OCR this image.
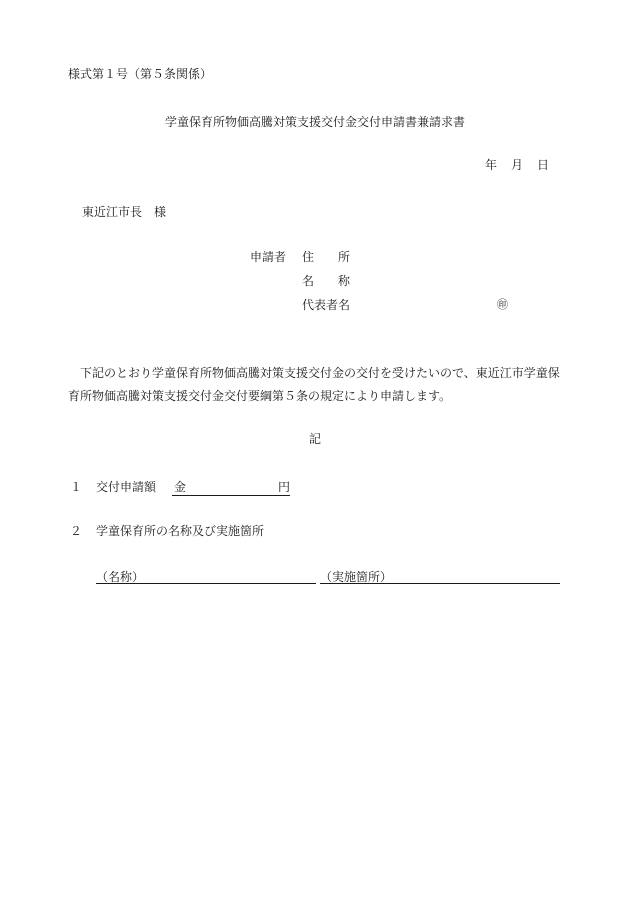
様式第１号（第５条関係）
学童保育所物価高騰対策支援交付金交付申請書兼請求書
年 月 日
東近江市長　様
申請者 住所
名称
代表者名	㊞
下記のとおり学童保育所物価高騰対策支援交付金の交付を受けたいので、東近江市学童保育所物価高騰対策支援交付金交付要綱第５条の規定により申請します。
記
１ 交付申請額 金	円
２ 学童保育所の名称及び実施箇所
（名称）	（実施箇所）
